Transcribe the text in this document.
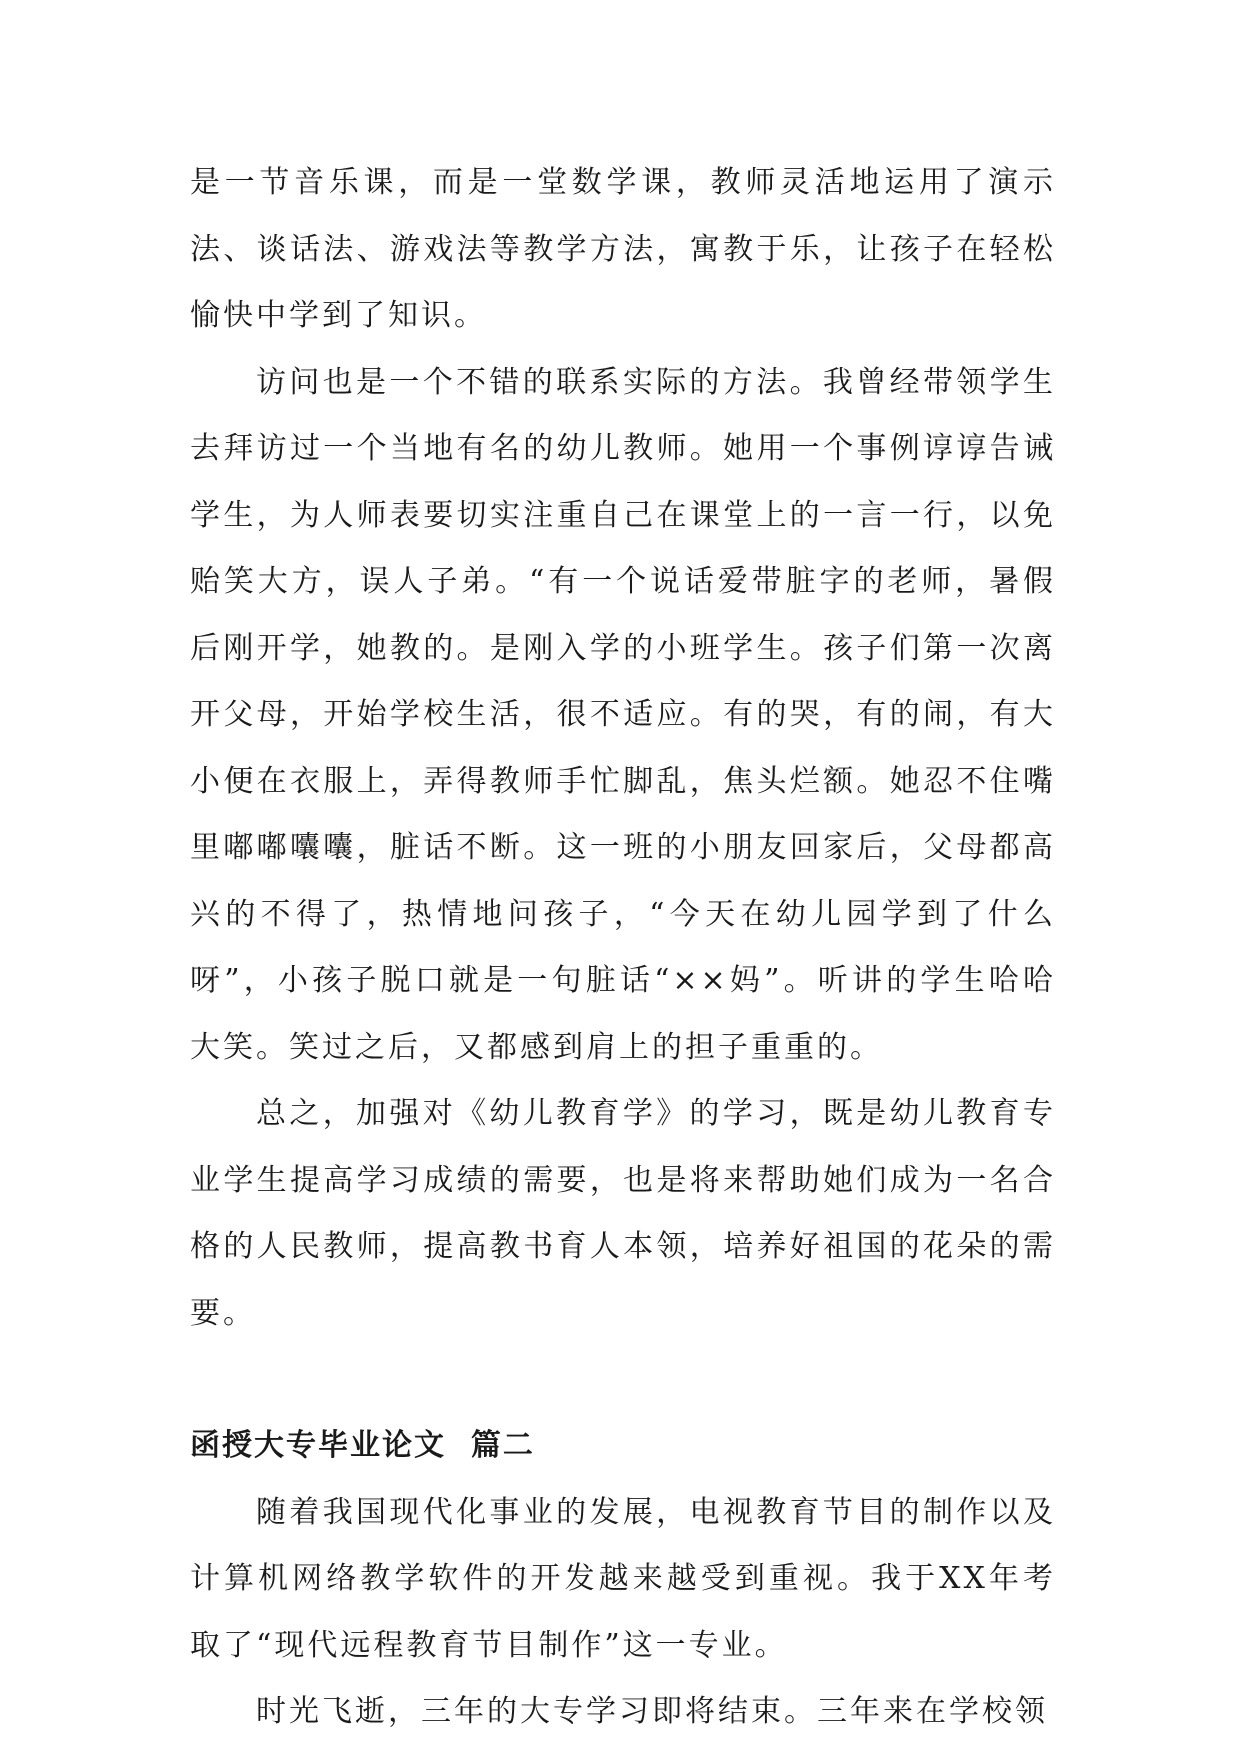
是一节音乐课，而是一堂数学课，教师灵活地运用了演示法、谈话法、游戏法等教学方法，寓教于乐，让孩子在轻松愉快中学到了知识。

访问也是一个不错的联系实际的方法。我曾经带领学生去拜访过一个当地有名的幼儿教师。她用一个事例谆谆告诫学生，为人师表要切实注重自己在课堂上的一言一行，以免贻笑大方，误人子弟。“有一个说话爱带脏字的老师，暑假后刚开学，她教的。是刚入学的小班学生。孩子们第一次离开父母，开始学校生活，很不适应。有的哭，有的闹，有大小便在衣服上，弄得教师手忙脚乱，焦头烂额。她忍不住嘴里嘟嘟囔囔，脏话不断。这一班的小朋友回家后，父母都高兴的不得了，热情地问孩子，“今天在幼儿园学到了什么呀”，小孩子脱口就是一句脏话“××妈”。听讲的学生哈哈大笑。笑过之后，又都感到肩上的担子重重的。

总之，加强对《幼儿教育学》的学习，既是幼儿教育专业学生提高学习成绩的需要，也是将来帮助她们成为一名合格的人民教师，提高教书育人本领，培养好祖国的花朵的需要。

函授大专毕业论文  篇二

随着我国现代化事业的发展，电视教育节目的制作以及计算机网络教学软件的开发越来越受到重视。我于XX年考取了“现代远程教育节目制作”这一专业。

时光飞逝，三年的大专学习即将结束。三年来在学校领
